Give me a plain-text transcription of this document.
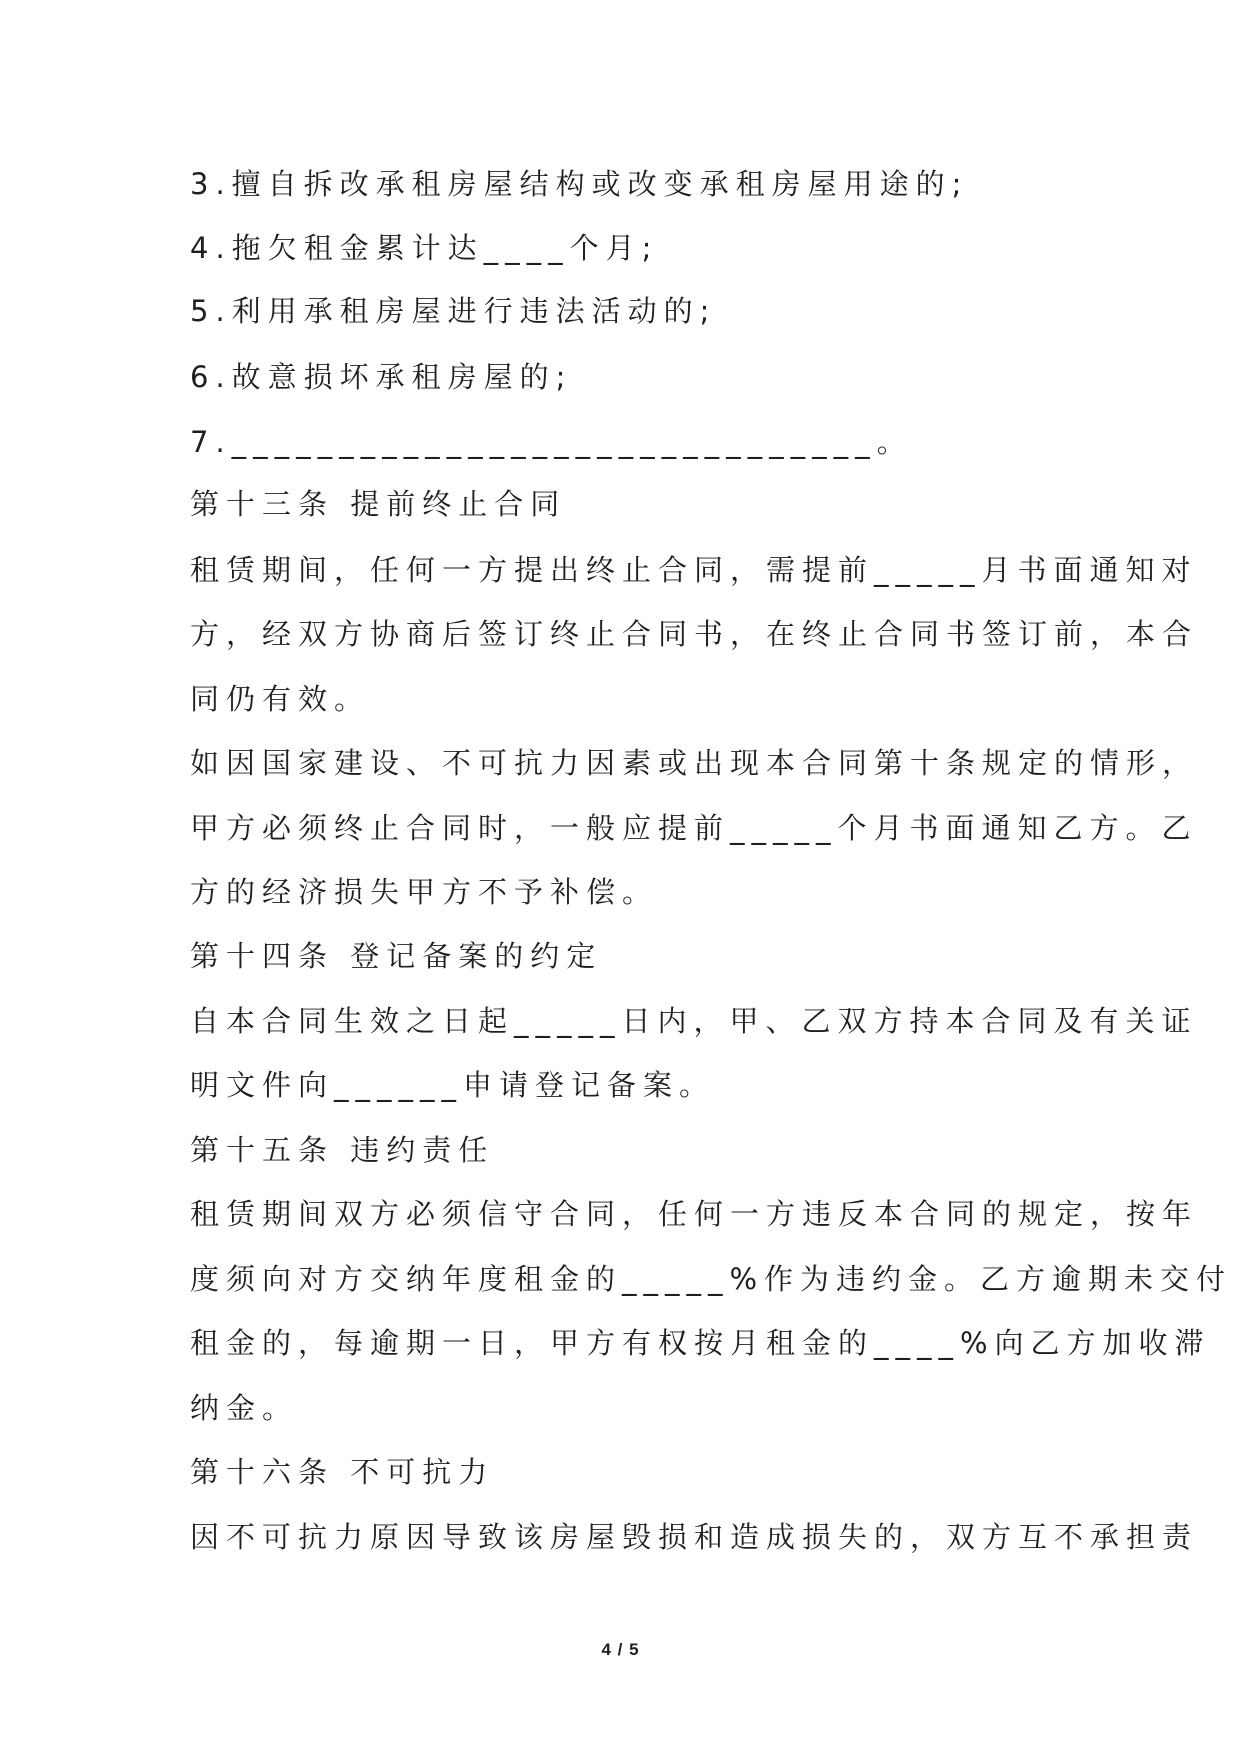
3.擅自拆改承租房屋结构或改变承租房屋用途的;
4.拖欠租金累计达____个月;
5.利用承租房屋进行违法活动的;
6.故意损坏承租房屋的;
7.______________________________。
第十三条 提前终止合同
租赁期间，任何一方提出终止合同，需提前_____月书面通知对
方，经双方协商后签订终止合同书，在终止合同书签订前，本合
同仍有效。
如因国家建设、不可抗力因素或出现本合同第十条规定的情形，
甲方必须终止合同时，一般应提前_____个月书面通知乙方。乙
方的经济损失甲方不予补偿。
第十四条 登记备案的约定
自本合同生效之日起_____日内，甲、乙双方持本合同及有关证
明文件向______申请登记备案。
第十五条 违约责任
租赁期间双方必须信守合同，任何一方违反本合同的规定，按年
度须向对方交纳年度租金的_____%作为违约金。乙方逾期未交付
租金的，每逾期一日，甲方有权按月租金的____%向乙方加收滞
纳金。
第十六条 不可抗力
因不可抗力原因导致该房屋毁损和造成损失的，双方互不承担责
4 / 5
